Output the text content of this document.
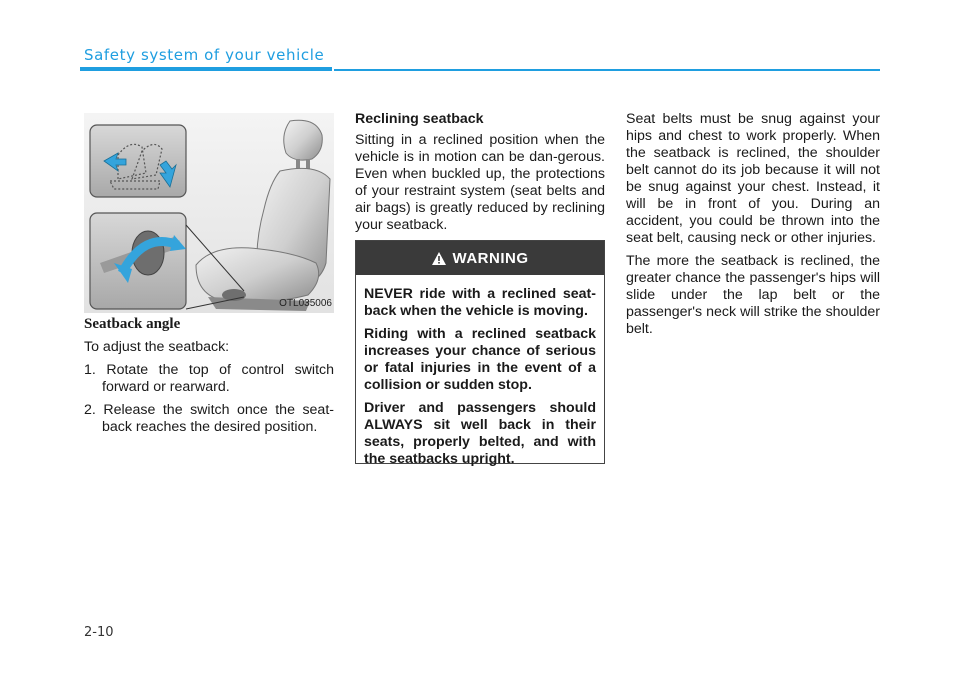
Safety system of your vehicle
OTL035006
Seatback angle

To adjust the seatback:

1. Rotate the top of control switch forward or rearward.

2. Release the switch once the seat-back reaches the desired position.

Reclining seatback

Sitting in a reclined position when the vehicle is in motion can be dan-gerous. Even when buckled up, the protections of your restraint system (seat belts and air bags) is greatly reduced by reclining your seatback.

WARNING

NEVER ride with a reclined seat-back when the vehicle is moving.

Riding with a reclined seatback increases your chance of serious or fatal injuries in the event of a collision or sudden stop.

Driver and passengers should ALWAYS sit well back in their seats, properly belted, and with the seatbacks upright.

Seat belts must be snug against your hips and chest to work properly. When the seatback is reclined, the shoulder belt cannot do its job because it will not be snug against your chest. Instead, it will be in front of you. During an accident, you could be thrown into the seat belt, causing neck or other injuries.

The more the seatback is reclined, the greater chance the passenger's hips will slide under the lap belt or the passenger's neck will strike the shoulder belt.

2-10
